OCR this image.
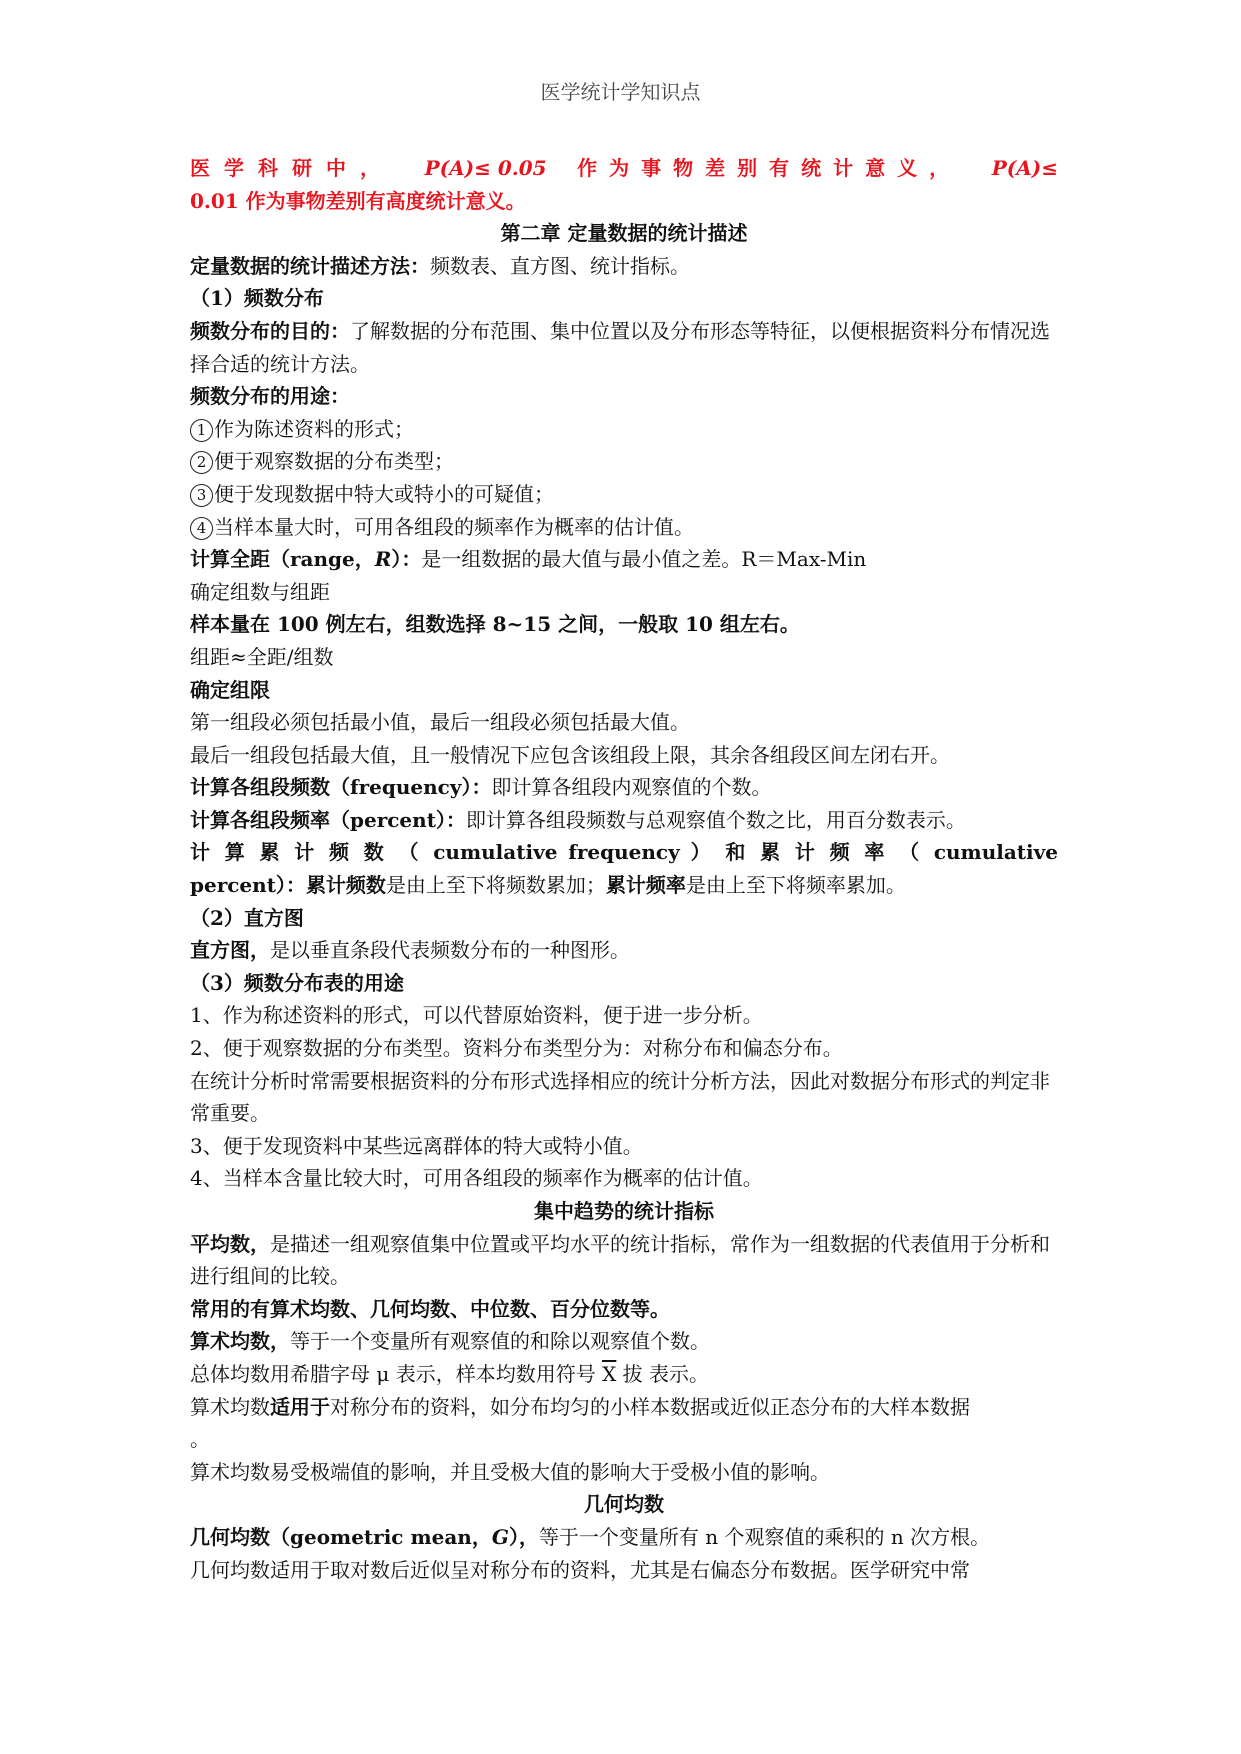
医学统计学知识点
医学科研中， P(A)≤ 0.05 作为事物差别有统计意义， P(A)≤
0.01 作为事物差别有高度统计意义。
第二章 定量数据的统计描述
定量数据的统计描述方法：频数表、直方图、统计指标。
（1）频数分布
频数分布的目的：了解数据的分布范围、集中位置以及分布形态等特征，以便根据资料分布情况选择合适的统计方法。
频数分布的用途：
1 作为陈述资料的形式；
2 便于观察数据的分布类型；
3 便于发现数据中特大或特小的可疑值；
4 当样本量大时，可用各组段的频率作为概率的估计值。
计算全距（range，R）：是一组数据的最大值与最小值之差。R＝Max-Min
确定组数与组距
样本量在 100 例左右，组数选择 8~15 之间，一般取 10 组左右。
组距≈全距/组数
确定组限
第一组段必须包括最小值，最后一组段必须包括最大值。
最后一组段包括最大值，且一般情况下应包含该组段上限，其余各组段区间左闭右开。
计算各组段频数（frequency）：即计算各组段内观察值的个数。
计算各组段频率（percent）：即计算各组段频数与总观察值个数之比，用百分数表示。
计 算 累 计 频 数 （ cumulative frequency ） 和 累 计 频 率 （ cumulative
percent）：累计频数是由上至下将频数累加；累计频率是由上至下将频率累加。
（2）直方图
直方图，是以垂直条段代表频数分布的一种图形。
（3）频数分布表的用途
1、作为称述资料的形式，可以代替原始资料，便于进一步分析。
2、便于观察数据的分布类型。资料分布类型分为：对称分布和偏态分布。
在统计分析时常需要根据资料的分布形式选择相应的统计分析方法，因此对数据分布形式的判定非常重要。
3、便于发现资料中某些远离群体的特大或特小值。
4、当样本含量比较大时，可用各组段的频率作为概率的估计值。
集中趋势的统计指标
平均数，是描述一组观察值集中位置或平均水平的统计指标，常作为一组数据的代表值用于分析和进行组间的比较。
常用的有算术均数、几何均数、中位数、百分位数等。
算术均数，等于一个变量所有观察值的和除以观察值个数。
总体均数用希腊字母 μ 表示，样本均数用符号 $\overline{X}$ 拔 表示。
算术均数适用于对称分布的资料，如分布均匀的小样本数据或近似正态分布的大样本数据
。
算术均数易受极端值的影响，并且受极大值的影响大于受极小值的影响。
几何均数
几何均数（geometric mean，G），等于一个变量所有 n 个观察值的乘积的 n 次方根。
几何均数适用于取对数后近似呈对称分布的资料，尤其是右偏态分布数据。医学研究中常
